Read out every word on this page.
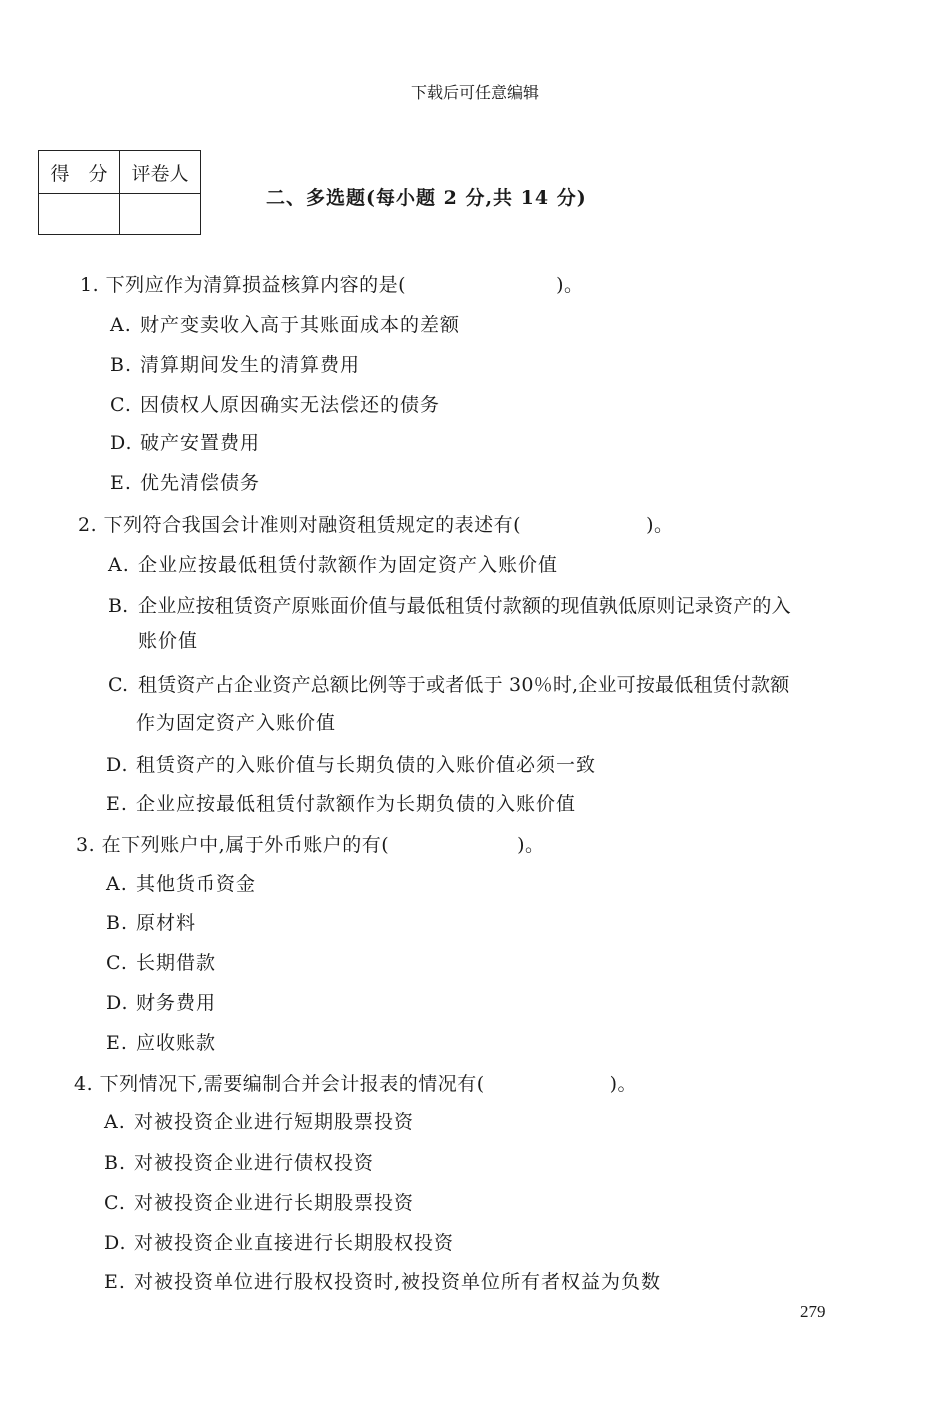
下载后可任意编辑
得　分	评卷人

二、多选题(每小题 2 分,共 14 分)
1. 下列应作为清算损益核算内容的是(	)。
A. 财产变卖收入高于其账面成本的差额
B. 清算期间发生的清算费用
C. 因债权人原因确实无法偿还的债务
D. 破产安置费用
E. 优先清偿债务
2. 下列符合我国会计准则对融资租赁规定的表述有(	)。
A. 企业应按最低租赁付款额作为固定资产入账价值
B. 企业应按租赁资产原账面价值与最低租赁付款额的现值孰低原则记录资产的入
账价值
C. 租赁资产占企业资产总额比例等于或者低于 30％时,企业可按最低租赁付款额
作为固定资产入账价值
D. 租赁资产的入账价值与长期负债的入账价值必须一致
E. 企业应按最低租赁付款额作为长期负债的入账价值
3. 在下列账户中,属于外币账户的有(	)。
A. 其他货币资金
B. 原材料
C. 长期借款
D. 财务费用
E. 应收账款
4. 下列情况下,需要编制合并会计报表的情况有(	)。
A. 对被投资企业进行短期股票投资
B. 对被投资企业进行债权投资
C. 对被投资企业进行长期股票投资
D. 对被投资企业直接进行长期股权投资
E. 对被投资单位进行股权投资时,被投资单位所有者权益为负数
279
